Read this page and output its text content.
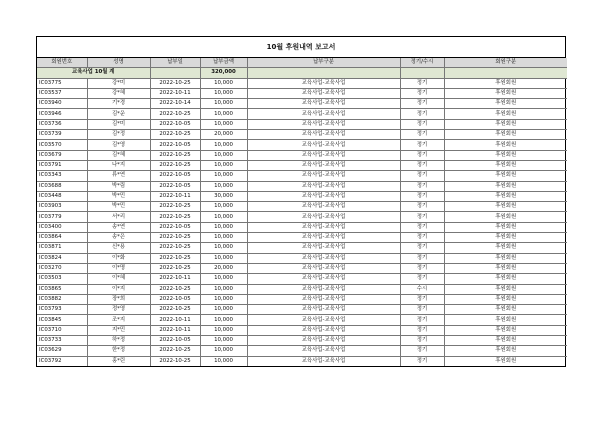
10월 후원내역 보고서
회원번호	성명	납부일	납부금액	납부구분	정기/수시	회원구분
교육사업 10월 계			320,000			
IC03775	강*미	2022-10-25	10,000	교육사업-교육사업	정기	후원회원
IC03537	강*혜	2022-10-11	10,000	교육사업-교육사업	정기	후원회원
IC03940	기*경	2022-10-14	10,000	교육사업-교육사업	정기	후원회원
IC03946	김*운	2022-10-25	10,000	교육사업-교육사업	정기	후원회원
IC03736	김*미	2022-10-05	10,000	교육사업-교육사업	정기	후원회원
IC03739	김*정	2022-10-25	20,000	교육사업-교육사업	정기	후원회원
IC03570	김*영	2022-10-05	10,000	교육사업-교육사업	정기	후원회원
IC03679	김*혜	2022-10-25	10,000	교육사업-교육사업	정기	후원회원
IC03791	나*지	2022-10-25	10,000	교육사업-교육사업	정기	후원회원
IC03343	류*연	2022-10-05	10,000	교육사업-교육사업	정기	후원회원
IC03688	박*림	2022-10-05	10,000	교육사업-교육사업	정기	후원회원
IC03448	박*민	2022-10-11	30,000	교육사업-교육사업	정기	후원회원
IC03903	박*민	2022-10-25	10,000	교육사업-교육사업	정기	후원회원
IC03779	서*리	2022-10-25	10,000	교육사업-교육사업	정기	후원회원
IC03400	송*연	2022-10-05	10,000	교육사업-교육사업	정기	후원회원
IC03864	송*은	2022-10-25	10,000	교육사업-교육사업	정기	후원회원
IC03871	신*용	2022-10-25	10,000	교육사업-교육사업	정기	후원회원
IC03824	이*화	2022-10-25	10,000	교육사업-교육사업	정기	후원회원
IC03270	이*명	2022-10-25	20,000	교육사업-교육사업	정기	후원회원
IC03503	이*혜	2022-10-11	10,000	교육사업-교육사업	정기	후원회원
IC03865	이*지	2022-10-25	10,000	교육사업-교육사업	수시	후원회원
IC03882	장*희	2022-10-05	10,000	교육사업-교육사업	정기	후원회원
IC03793	정*영	2022-10-25	10,000	교육사업-교육사업	정기	후원회원
IC03845	조*지	2022-10-11	10,000	교육사업-교육사업	정기	후원회원
IC03710	지*민	2022-10-11	10,000	교육사업-교육사업	정기	후원회원
IC03733	하*정	2022-10-05	10,000	교육사업-교육사업	정기	후원회원
IC03629	한*정	2022-10-25	10,000	교육사업-교육사업	정기	후원회원
IC03792	홍*린	2022-10-25	10,000	교육사업-교육사업	정기	후원회원
